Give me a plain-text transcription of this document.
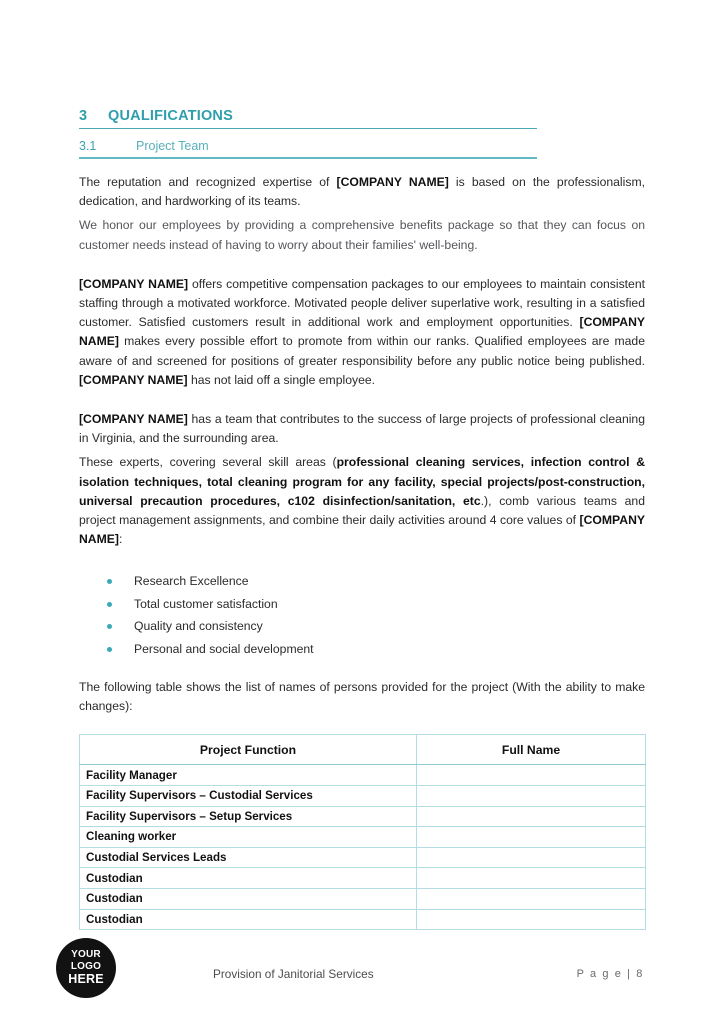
3	QUALIFICATIONS
3.1	Project Team

The reputation and recognized expertise of [COMPANY NAME] is based on the professionalism, dedication, and hardworking of its teams.

We honor our employees by providing a comprehensive benefits package so that they can focus on customer needs instead of having to worry about their families' well-being.

[COMPANY NAME] offers competitive compensation packages to our employees to maintain consistent staffing through a motivated workforce. Motivated people deliver superlative work, resulting in a satisfied customer. Satisfied customers result in additional work and employment opportunities. [COMPANY NAME] makes every possible effort to promote from within our ranks. Qualified employees are made aware of and screened for positions of greater responsibility before any public notice being published. [COMPANY NAME] has not laid off a single employee.

[COMPANY NAME] has a team that contributes to the success of large projects of professional cleaning in Virginia, and the surrounding area.

These experts, covering several skill areas (professional cleaning services, infection control & isolation techniques, total cleaning program for any facility, special projects/post-construction, universal precaution procedures, c102 disinfection/sanitation, etc.), comb various teams and project management assignments, and combine their daily activities around 4 core values of [COMPANY NAME]:

Research Excellence
Total customer satisfaction
Quality and consistency
Personal and social development

The following table shows the list of names of persons provided for the project (With the ability to make changes):

Project Function	Full Name
Facility Manager	
Facility Supervisors – Custodial Services	
Facility Supervisors – Setup Services	
Cleaning worker	
Custodial Services Leads	
Custodian	
Custodian	
Custodian	
YOUR
LOGO
HERE	Provision of Janitorial Services	P a g e | 8
